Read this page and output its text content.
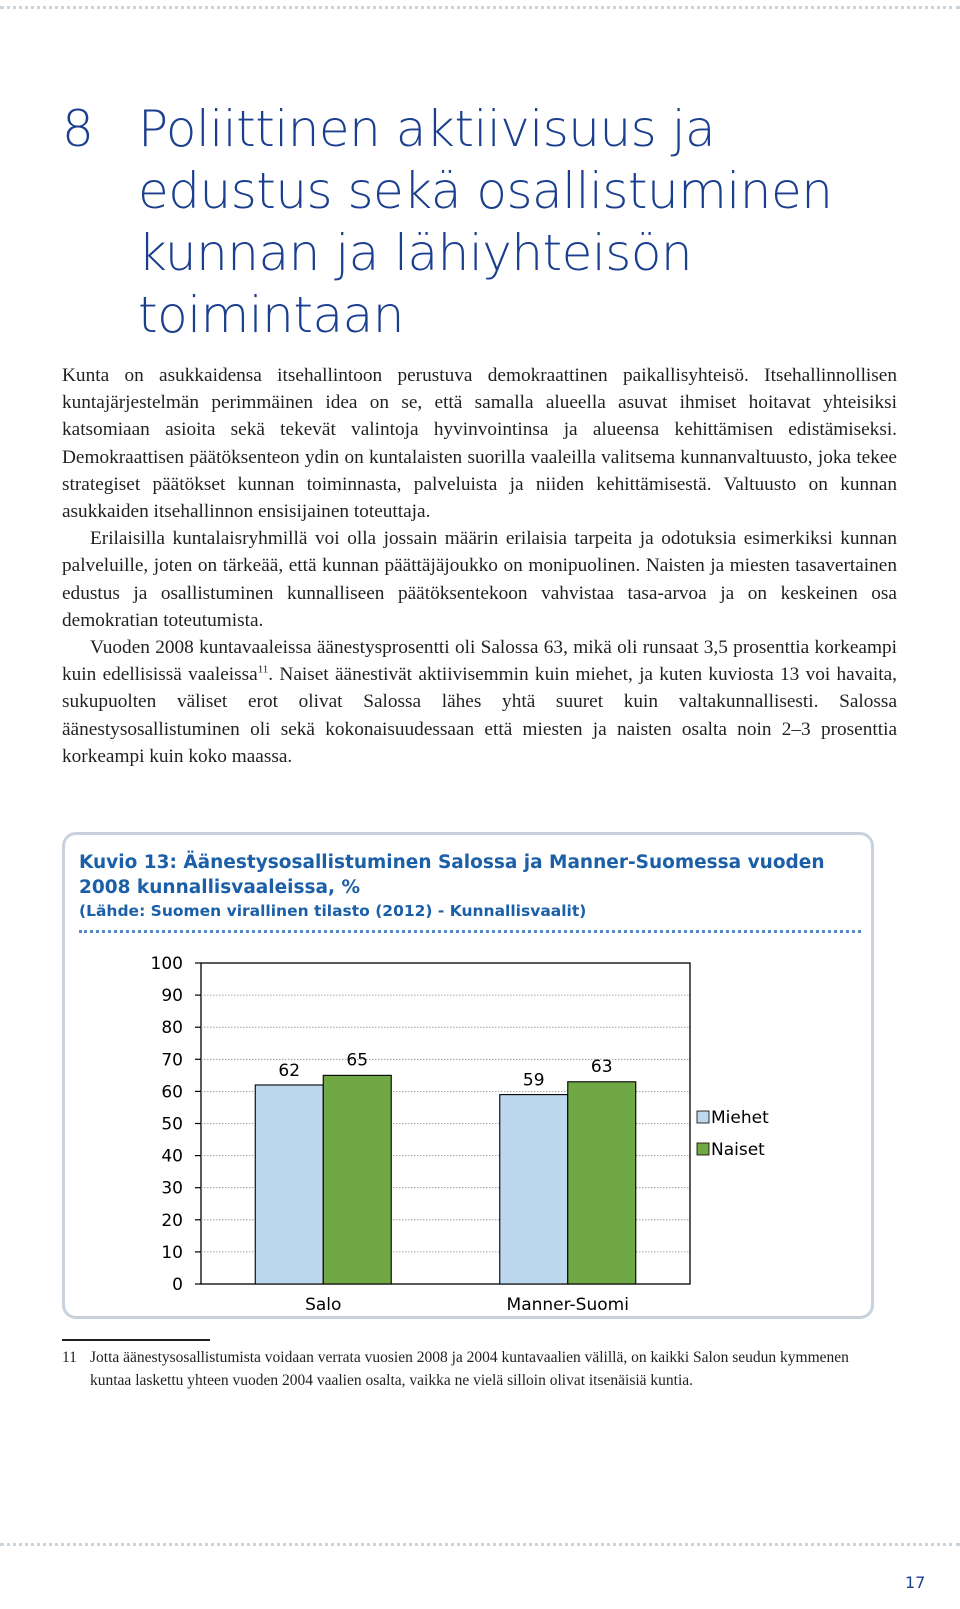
8 Poliittinen aktiivisuus ja edustus sekä osallistuminen kunnan ja lähiyhteisön toimintaan

Kunta on asukkaidensa itsehallintoon perustuva demokraattinen paikallisyhteisö. Itsehallinnollisen kuntajärjestelmän perimmäinen idea on se, että samalla alueella asuvat ihmiset hoitavat yhteisiksi katsomiaan asioita sekä tekevät valintoja hyvinvointinsa ja alueensa kehittämisen edistämiseksi. Demokraattisen päätöksenteon ydin on kuntalaisten suorilla vaaleilla valitsema kunnanvaltuusto, joka tekee strategiset päätökset kunnan toiminnasta, palveluista ja niiden kehittämisestä. Valtuusto on kunnan asukkaiden itsehallinnon ensisijainen toteuttaja.

Erilaisilla kuntalaisryhmillä voi olla jossain määrin erilaisia tarpeita ja odotuksia esimerkiksi kunnan palveluille, joten on tärkeää, että kunnan päättäjäjoukko on monipuolinen. Naisten ja miesten tasavertainen edustus ja osallistuminen kunnalliseen päätöksentekoon vahvistaa tasa-arvoa ja on keskeinen osa demokratian toteutumista.

Vuoden 2008 kuntavaaleissa äänestysprosentti oli Salossa 63, mikä oli runsaat 3,5 prosenttia korkeampi kuin edellisissä vaaleissa$^{11}$. Naiset äänestivät aktiivisemmin kuin miehet, ja kuten kuviosta 13 voi havaita, sukupuolten väliset erot olivat Salossa lähes yhtä suuret kuin valtakunnallisesti. Salossa äänestysosallistuminen oli sekä kokonaisuudessaan että miesten ja naisten osalta noin 2–3 prosenttia korkeampi kuin koko maassa.

Kuvio 13: Äänestysosallistuminen Salossa ja Manner-Suomessa vuoden 2008 kunnallisvaaleissa, %
(Lähde: Suomen virallinen tilasto (2012) - Kunnallisvaalit)
0
10
20
30
40
50
60
70
80
90
100
62
65
Salo
59
63
Manner-Suomi
Miehet
Naiset
11 Jotta äänestysosallistumista voidaan verrata vuosien 2008 ja 2004 kuntavaalien välillä, on kaikki Salon seudun kymmenen kuntaa laskettu yhteen vuoden 2004 vaalien osalta, vaikka ne vielä silloin olivat itsenäisiä kuntia.
17
